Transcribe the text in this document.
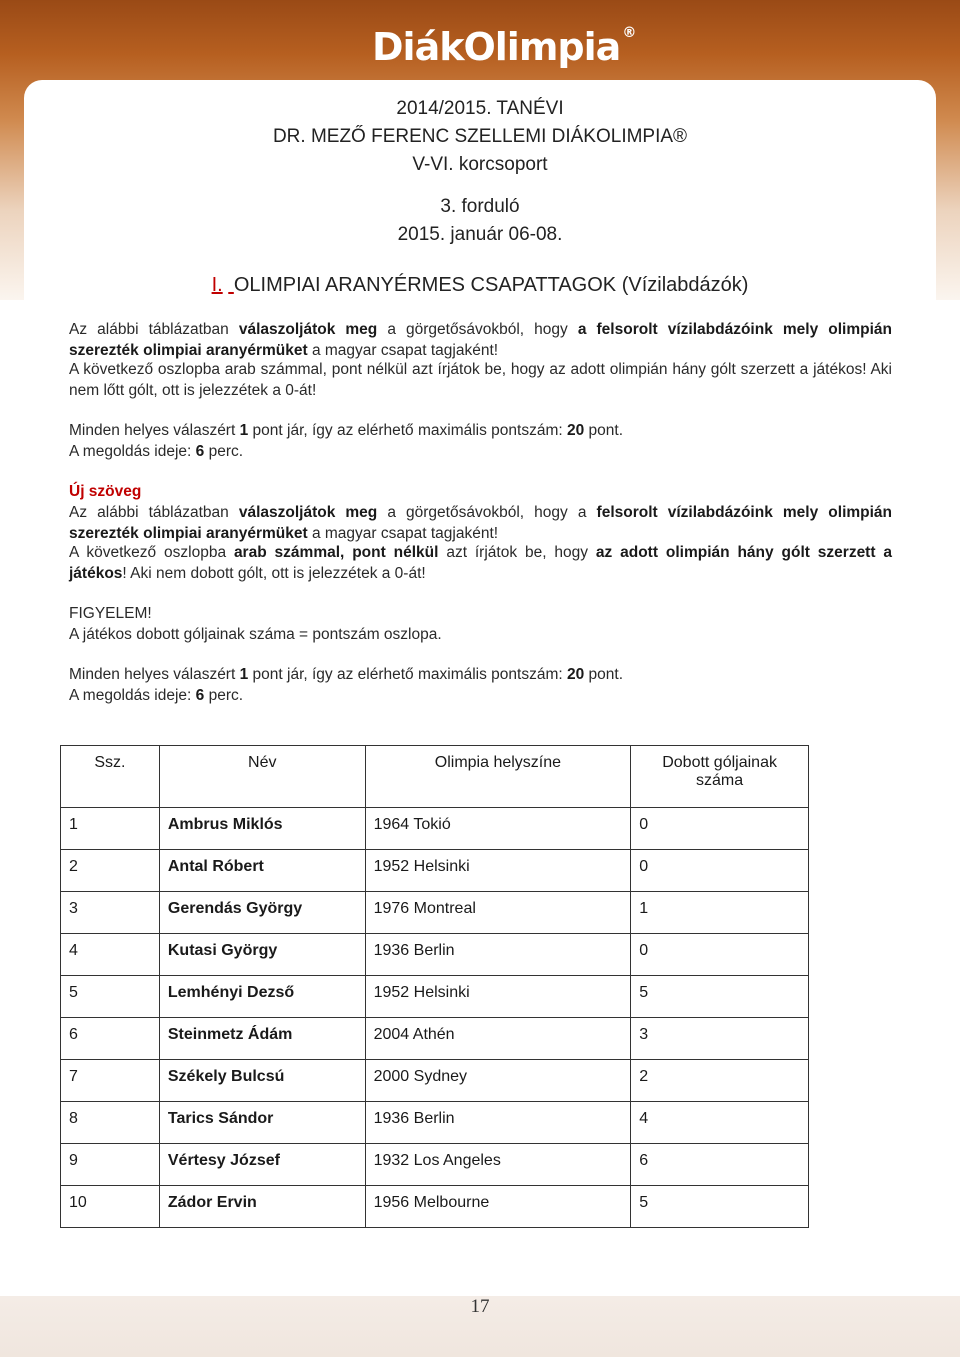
DiákOlimpia ®
2014/2015. TANÉVI
DR. MEZŐ FERENC SZELLEMI DIÁKOLIMPIA®
V-VI. korcsoport
3. forduló
2015. január 06-08.
I. OLIMPIAI ARANYÉRMES CSAPATTAGOK (Vízilabdázók)
Az alábbi táblázatban válaszoljátok meg a görgetősávokból, hogy a felsorolt vízilabdázóink mely olimpián szerezték olimpiai aranyérmüket a magyar csapat tagjaként!
A következő oszlopba arab számmal, pont nélkül azt írjátok be, hogy az adott olimpián hány gólt szerzett a játékos! Aki nem lőtt gólt, ott is jelezzétek a 0-át!
Minden helyes válaszért 1 pont jár, így az elérhető maximális pontszám: 20 pont.
A megoldás ideje: 6 perc.
Új szöveg
Az alábbi táblázatban válaszoljátok meg a görgetősávokból, hogy a felsorolt vízilabdázóink mely olimpián szerezték olimpiai aranyérmüket a magyar csapat tagjaként!
A következő oszlopba arab számmal, pont nélkül azt írjátok be, hogy az adott olimpián hány gólt szerzett a játékos! Aki nem dobott gólt, ott is jelezzétek a 0-át!
FIGYELEM!
A játékos dobott góljainak száma = pontszám oszlopa.
Minden helyes válaszért 1 pont jár, így az elérhető maximális pontszám: 20 pont.
A megoldás ideje: 6 perc.
Ssz.	Név	Olimpia helyszíne	Dobott góljainak száma
1	Ambrus Miklós	1964 Tokió	0
2	Antal Róbert	1952 Helsinki	0
3	Gerendás György	1976 Montreal	1
4	Kutasi György	1936 Berlin	0
5	Lemhényi Dezső	1952 Helsinki	5
6	Steinmetz Ádám	2004 Athén	3
7	Székely Bulcsú	2000 Sydney	2
8	Tarics Sándor	1936 Berlin	4
9	Vértesy József	1932 Los Angeles	6
10	Zádor Ervin	1956 Melbourne	5
17
